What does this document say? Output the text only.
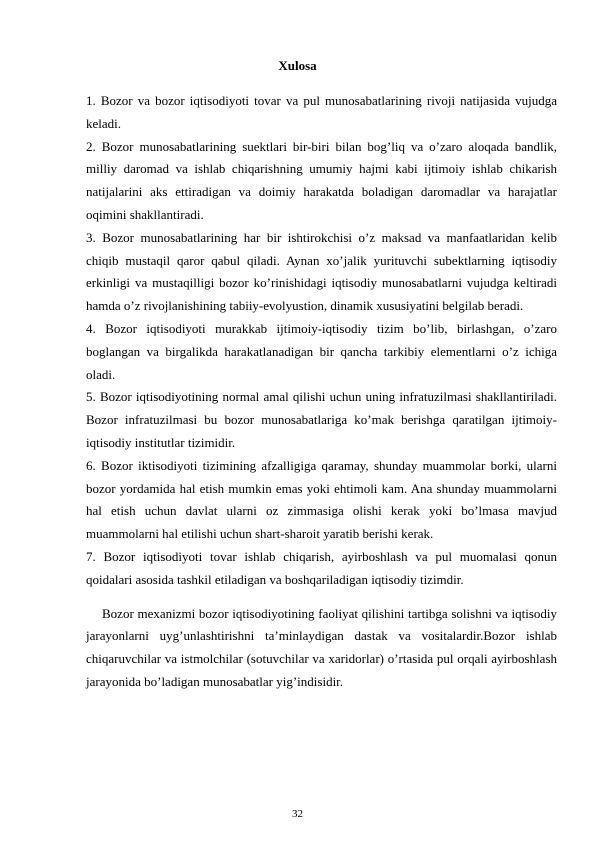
Xulosa

1. Bozor va bozor iqtisodiyoti tovar va pul munosabatlarining rivoji natijasida vujudga keladi.

2. Bozor munosabatlarining suektlari bir-biri bilan bog’liq va o’zaro aloqada bandlik, milliy daromad va ishlab chiqarishning umumiy hajmi kabi ijtimoiy ishlab chikarish natijalarini aks ettiradigan va doimiy harakatda boladigan daromadlar va harajatlar oqimini shakllantiradi.

3. Bozor munosabatlarining har bir ishtirokchisi o’z maksad va manfaatlaridan kelib chiqib mustaqil qaror qabul qiladi. Aynan xo’jalik yurituvchi subektlarning iqtisodiy erkinligi va mustaqilligi bozor ko’rinishidagi iqtisodiy munosabatlarni vujudga keltiradi hamda o’z rivojlanishining tabiiy-evolyustion, dinamik xususiyatini belgilab beradi.

4. Bozor iqtisodiyoti murakkab ijtimoiy-iqtisodiy tizim bo’lib, birlashgan, o’zaro boglangan va birgalikda harakatlanadigan bir qancha tarkibiy elementlarni o’z ichiga oladi.

5. Bozor iqtisodiyotining normal amal qilishi uchun uning infratuzilmasi shakllantiriladi. Bozor infratuzilmasi bu bozor munosabatlariga ko’mak berishga qaratilgan ijtimoiy-iqtisodiy institutlar tizimidir.

6. Bozor iktisodiyoti tizimining afzalligiga qaramay, shunday muammolar borki, ularni bozor yordamida hal etish mumkin emas yoki ehtimoli kam. Ana shunday muammolarni hal etish uchun davlat ularni oz zimmasiga olishi kerak yoki bo’lmasa mavjud muammolarni hal etilishi uchun shart-sharoit yaratib berishi kerak.

7. Bozor iqtisodiyoti tovar ishlab chiqarish, ayirboshlash va pul muomalasi qonun qoidalari asosida tashkil etiladigan va boshqariladigan iqtisodiy tizimdir.

Bozor mexanizmi bozor iqtisodiyotining faoliyat qilishini tartibga solishni va iqtisodiy jarayonlarni uyg’unlashtirishni ta’minlaydigan dastak va vositalardir.Bozor ishlab chiqaruvchilar va istmolchilar (sotuvchilar va xaridorlar) o’rtasida pul orqali ayirboshlash jarayonida bo’ladigan munosabatlar yig’indisidir.

32
